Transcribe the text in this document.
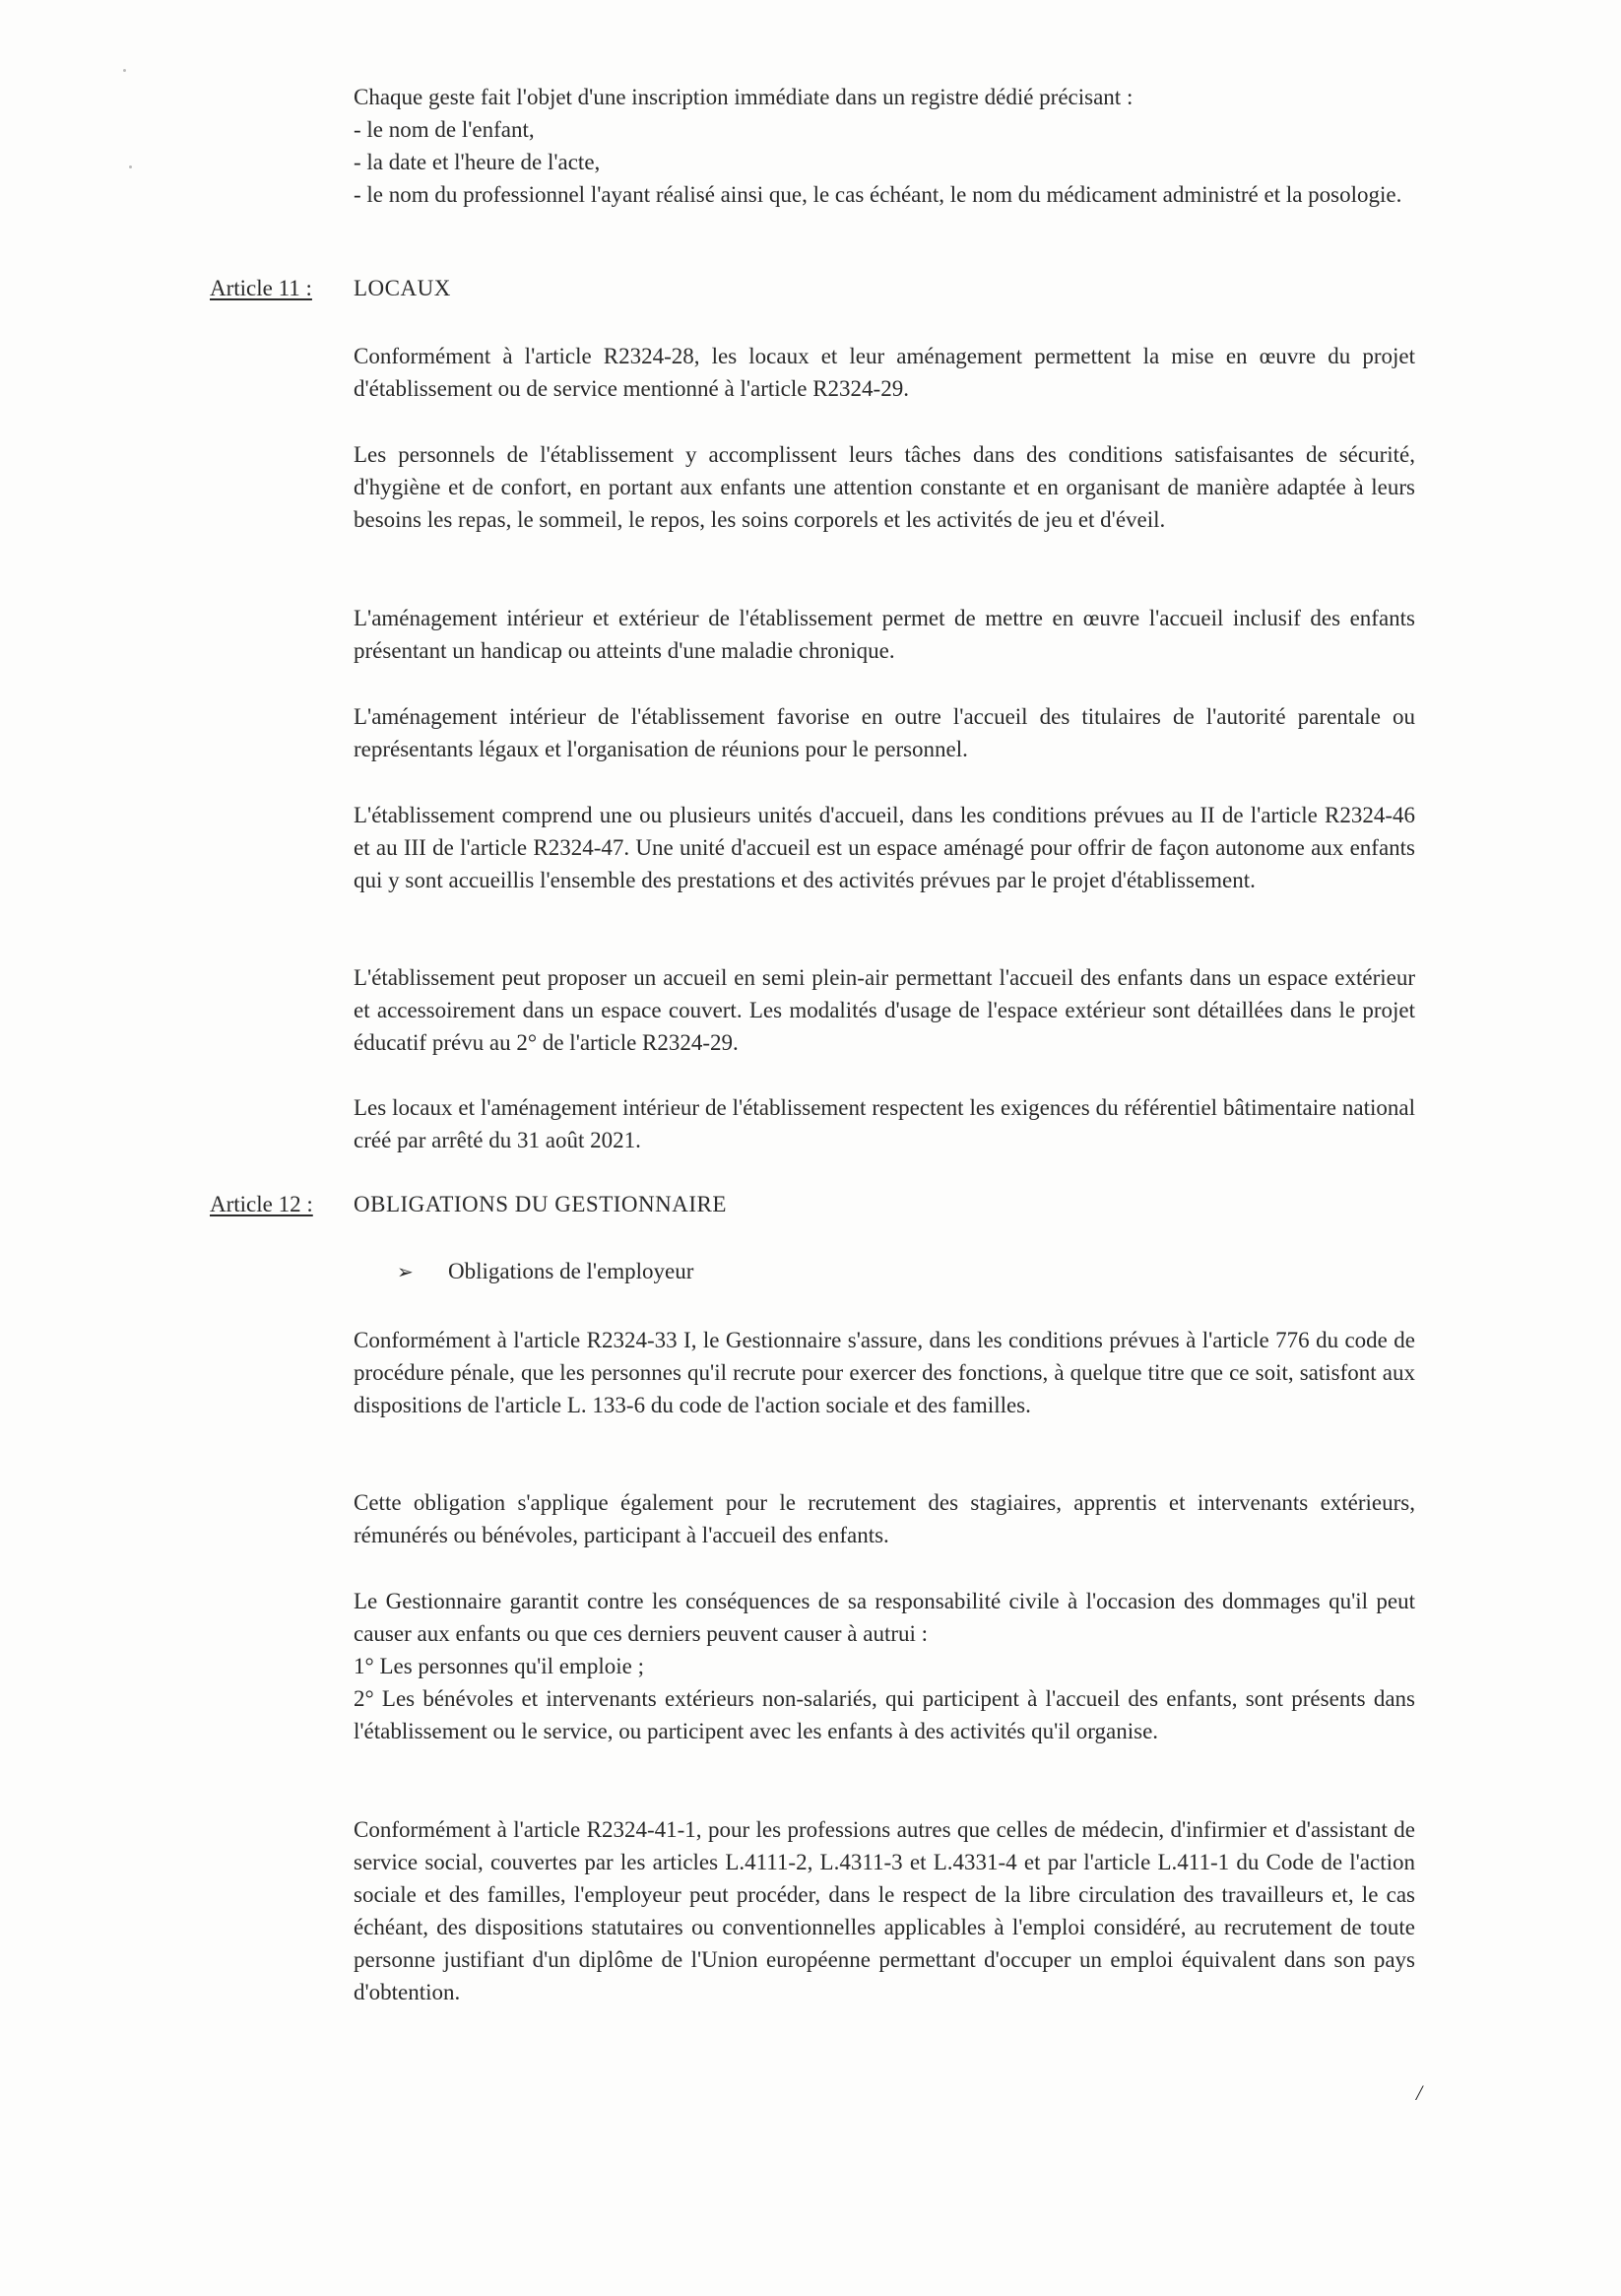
Chaque geste fait l'objet d'une inscription immédiate dans un registre dédié précisant :
- le nom de l'enfant,
- la date et l'heure de l'acte,

- le nom du professionnel l'ayant réalisé ainsi que, le cas échéant, le nom du médicament administré et la posologie.

Article 11 : LOCAUX

Conformément à l'article R2324-28, les locaux et leur aménagement permettent la mise en œuvre du projet d'établissement ou de service mentionné à l'article R2324-29.

Les personnels de l'établissement y accomplissent leurs tâches dans des conditions satisfaisantes de sécurité, d'hygiène et de confort, en portant aux enfants une attention constante et en organisant de manière adaptée à leurs besoins les repas, le sommeil, le repos, les soins corporels et les activités de jeu et d'éveil.

L'aménagement intérieur et extérieur de l'établissement permet de mettre en œuvre l'accueil inclusif des enfants présentant un handicap ou atteints d'une maladie chronique.

L'aménagement intérieur de l'établissement favorise en outre l'accueil des titulaires de l'autorité parentale ou représentants légaux et l'organisation de réunions pour le personnel.

L'établissement comprend une ou plusieurs unités d'accueil, dans les conditions prévues au II de l'article R2324-46 et au III de l'article R2324-47. Une unité d'accueil est un espace aménagé pour offrir de façon autonome aux enfants qui y sont accueillis l'ensemble des prestations et des activités prévues par le projet d'établissement.

L'établissement peut proposer un accueil en semi plein-air permettant l'accueil des enfants dans un espace extérieur et accessoirement dans un espace couvert. Les modalités d'usage de l'espace extérieur sont détaillées dans le projet éducatif prévu au 2° de l'article R2324-29.

Les locaux et l'aménagement intérieur de l'établissement respectent les exigences du référentiel bâtimentaire national créé par arrêté du 31 août 2021.

Article 12 : OBLIGATIONS DU GESTIONNAIRE
➢ Obligations de l'employeur

Conformément à l'article R2324-33 I, le Gestionnaire s'assure, dans les conditions prévues à l'article 776 du code de procédure pénale, que les personnes qu'il recrute pour exercer des fonctions, à quelque titre que ce soit, satisfont aux dispositions de l'article L. 133-6 du code de l'action sociale et des familles.

Cette obligation s'applique également pour le recrutement des stagiaires, apprentis et intervenants extérieurs, rémunérés ou bénévoles, participant à l'accueil des enfants.

Le Gestionnaire garantit contre les conséquences de sa responsabilité civile à l'occasion des dommages qu'il peut causer aux enfants ou que ces derniers peuvent causer à autrui :

1° Les personnes qu'il emploie ;

2° Les bénévoles et intervenants extérieurs non-salariés, qui participent à l'accueil des enfants, sont présents dans l'établissement ou le service, ou participent avec les enfants à des activités qu'il organise.

Conformément à l'article R2324-41-1, pour les professions autres que celles de médecin, d'infirmier et d'assistant de service social, couvertes par les articles L.4111-2, L.4311-3 et L.4331-4 et par l'article L.411-1 du Code de l'action sociale et des familles, l'employeur peut procéder, dans le respect de la libre circulation des travailleurs et, le cas échéant, des dispositions statutaires ou conventionnelles applicables à l'emploi considéré, au recrutement de toute personne justifiant d'un diplôme de l'Union européenne permettant d'occuper un emploi équivalent dans son pays d'obtention.

/
